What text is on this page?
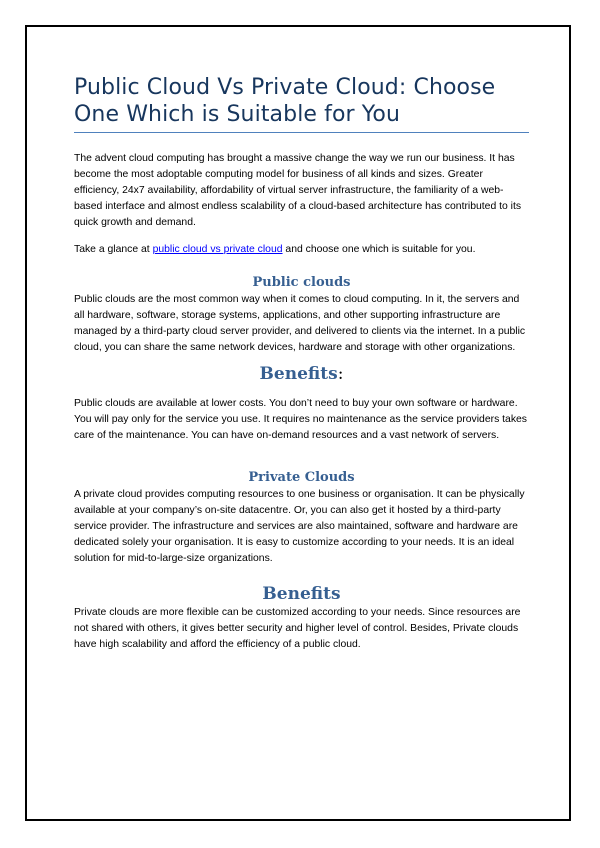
Public Cloud Vs Private Cloud: Choose One Which is Suitable for You

The advent cloud computing has brought a massive change the way we run our business. It has become the most adoptable computing model for business of all kinds and sizes. Greater efficiency, 24x7 availability, affordability of virtual server infrastructure, the familiarity of a web-based interface and almost endless scalability of a cloud-based architecture has contributed to its quick growth and demand.

Take a glance at public cloud vs private cloud and choose one which is suitable for you.

Public clouds

Public clouds are the most common way when it comes to cloud computing. In it, the servers and all hardware, software, storage systems, applications, and other supporting infrastructure are managed by a third-party cloud server provider, and delivered to clients via the internet. In a public cloud, you can share the same network devices, hardware and storage with other organizations.

Benefits:

Public clouds are available at lower costs. You don’t need to buy your own software or hardware. You will pay only for the service you use. It requires no maintenance as the service providers takes care of the maintenance. You can have on-demand resources and a vast network of servers.

Private Clouds

A private cloud provides computing resources to one business or organisation. It can be physically available at your company’s on-site datacentre. Or, you can also get it hosted by a third-party service provider. The infrastructure and services are also maintained, software and hardware are dedicated solely your organisation. It is easy to customize according to your needs. It is an ideal solution for mid-to-large-size organizations.

Benefits

Private clouds are more flexible can be customized according to your needs. Since resources are not shared with others, it gives better security and higher level of control. Besides, Private clouds have high scalability and afford the efficiency of a public cloud.
